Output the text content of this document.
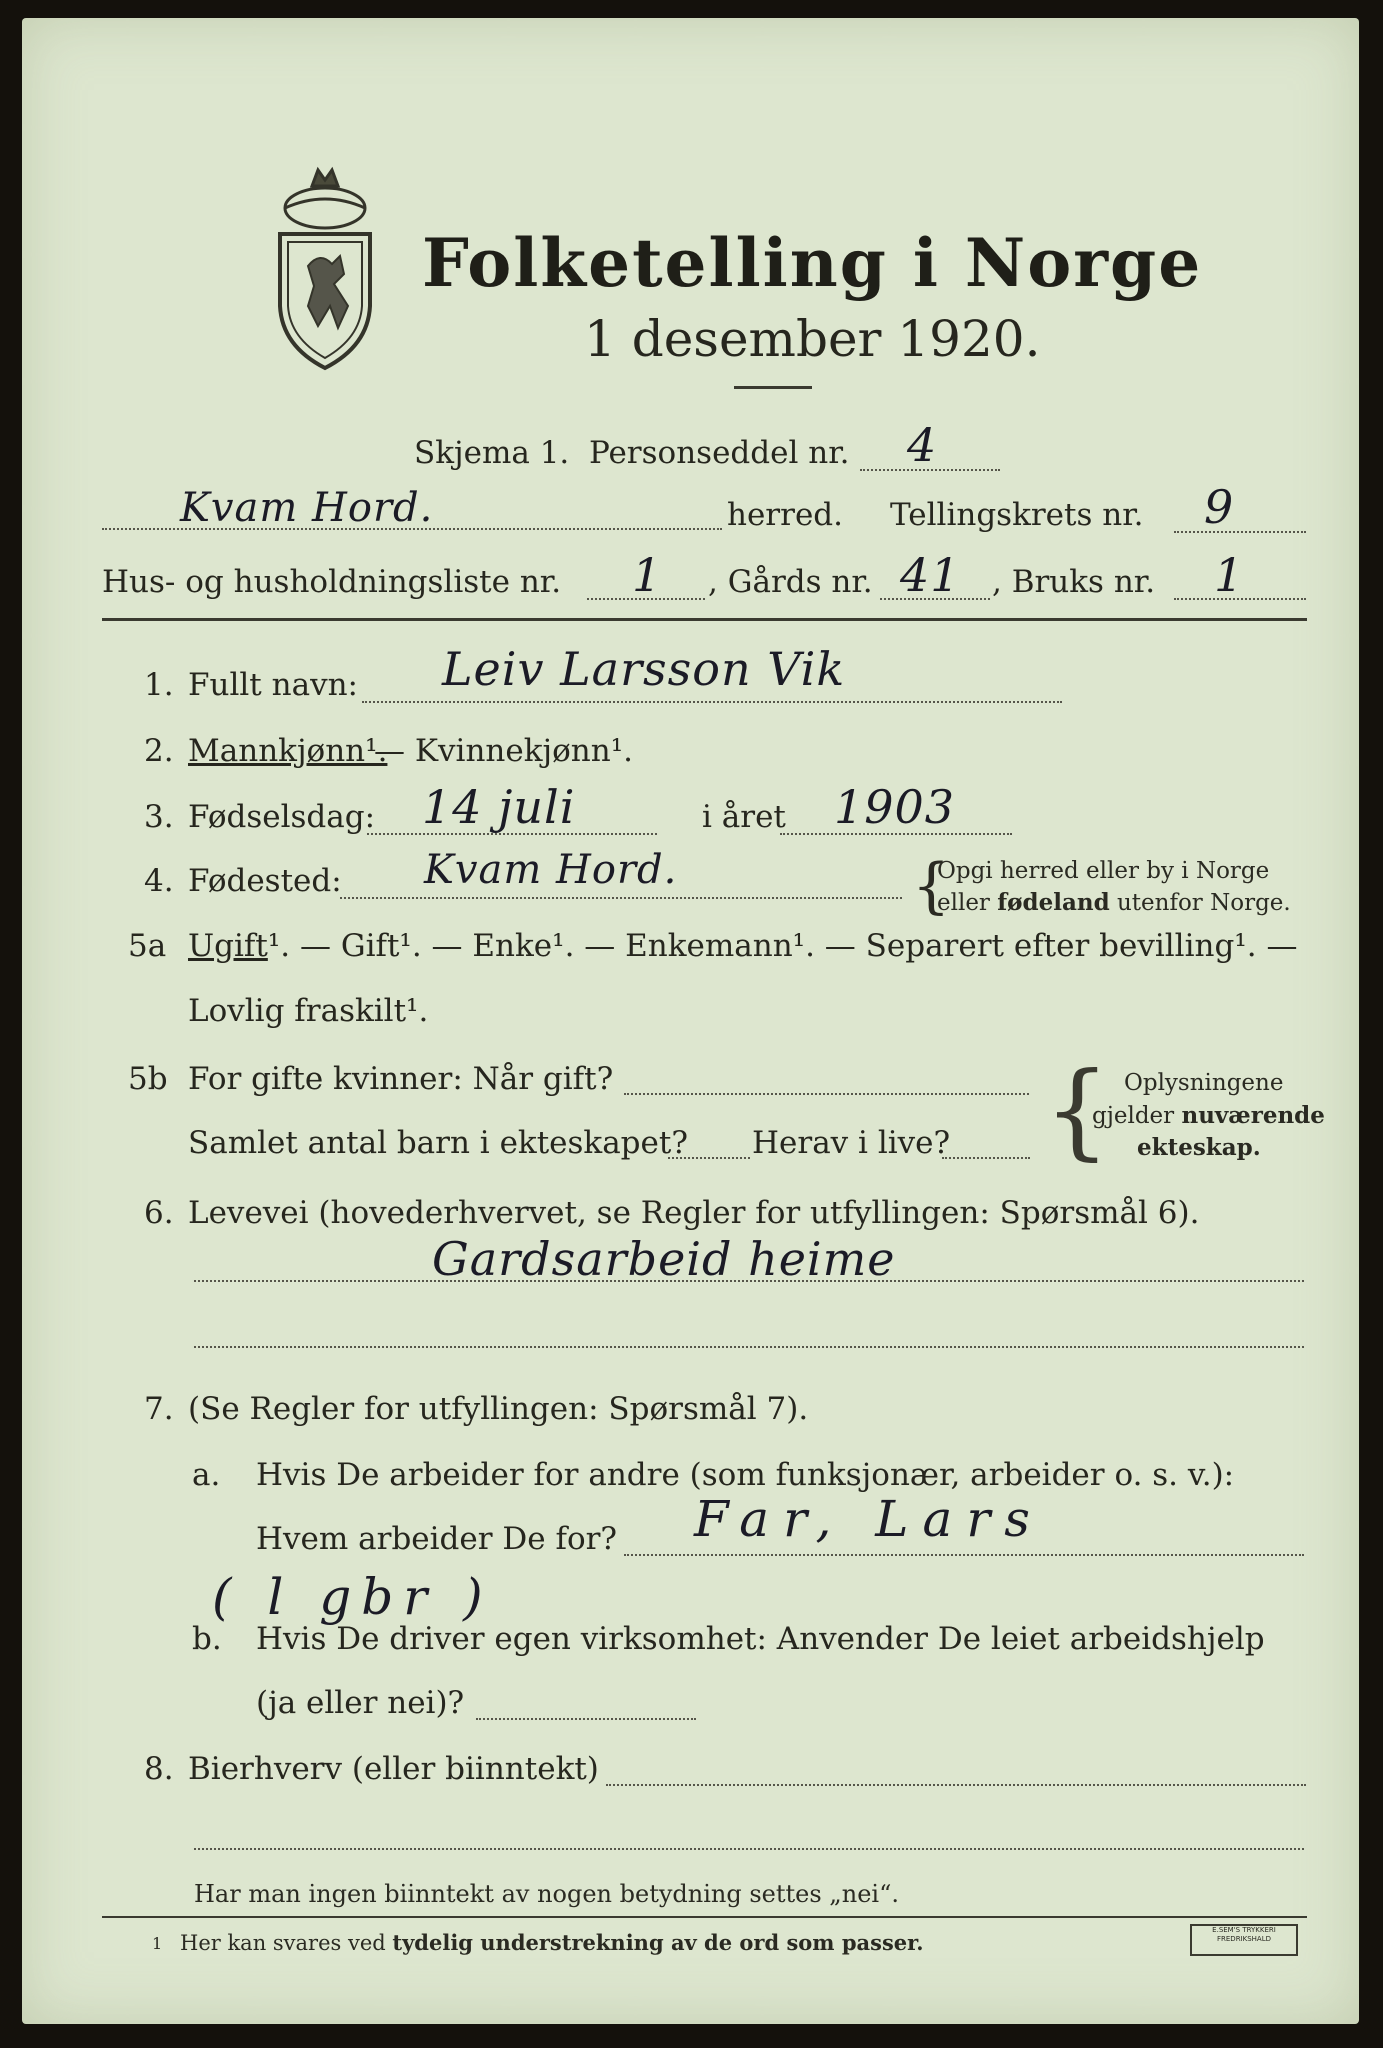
Folketelling i Norge
1 desember 1920.
Skjema 1. Personseddel nr. 4
Kvam Hord.	herred. Tellingskrets nr. 9
Hus- og husholdningsliste nr. 1 , Gårds nr. 41 , Bruks nr. 1
1. Fullt navn: Leiv Larsson Vik
2. Mannkjønn¹.
— Kvinnekjønn¹.
3. Fødselsdag: 14 juli	i året 1903
4. Fødested: Kvam Hord.	{
Opgi herred eller by i Norge
eller fødeland utenfor Norge.
5a Ugift¹. — Gift¹. — Enke¹. — Enkemann¹. — Separert efter bevilling¹. —
Lovlig fraskilt¹.
5b For gifte kvinner: Når gift?
Samlet antal barn i ekteskapet? Herav i live? { Oplysningene
gjelder nuværende
ekteskap.
6. Levevei (hovederhvervet, se Regler for utfyllingen: Spørsmål 6).
Gardsarbeid heime
7. (Se Regler for utfyllingen: Spørsmål 7).
a. Hvis De arbeider for andre (som funksjonær, arbeider o. s. v.):
Hvem arbeider De for? Far, Lars
( l gbr )
b. Hvis De driver egen virksomhet: Anvender De leiet arbeidshjelp
(ja eller nei)?
8. Bierhverv (eller biinntekt)
Har man ingen biinntekt av nogen betydning settes „nei“.
1 Her kan svares ved tydelig understrekning av de ord som passer.	E.SEM'S TRYKKERI FREDRIKSHALD
